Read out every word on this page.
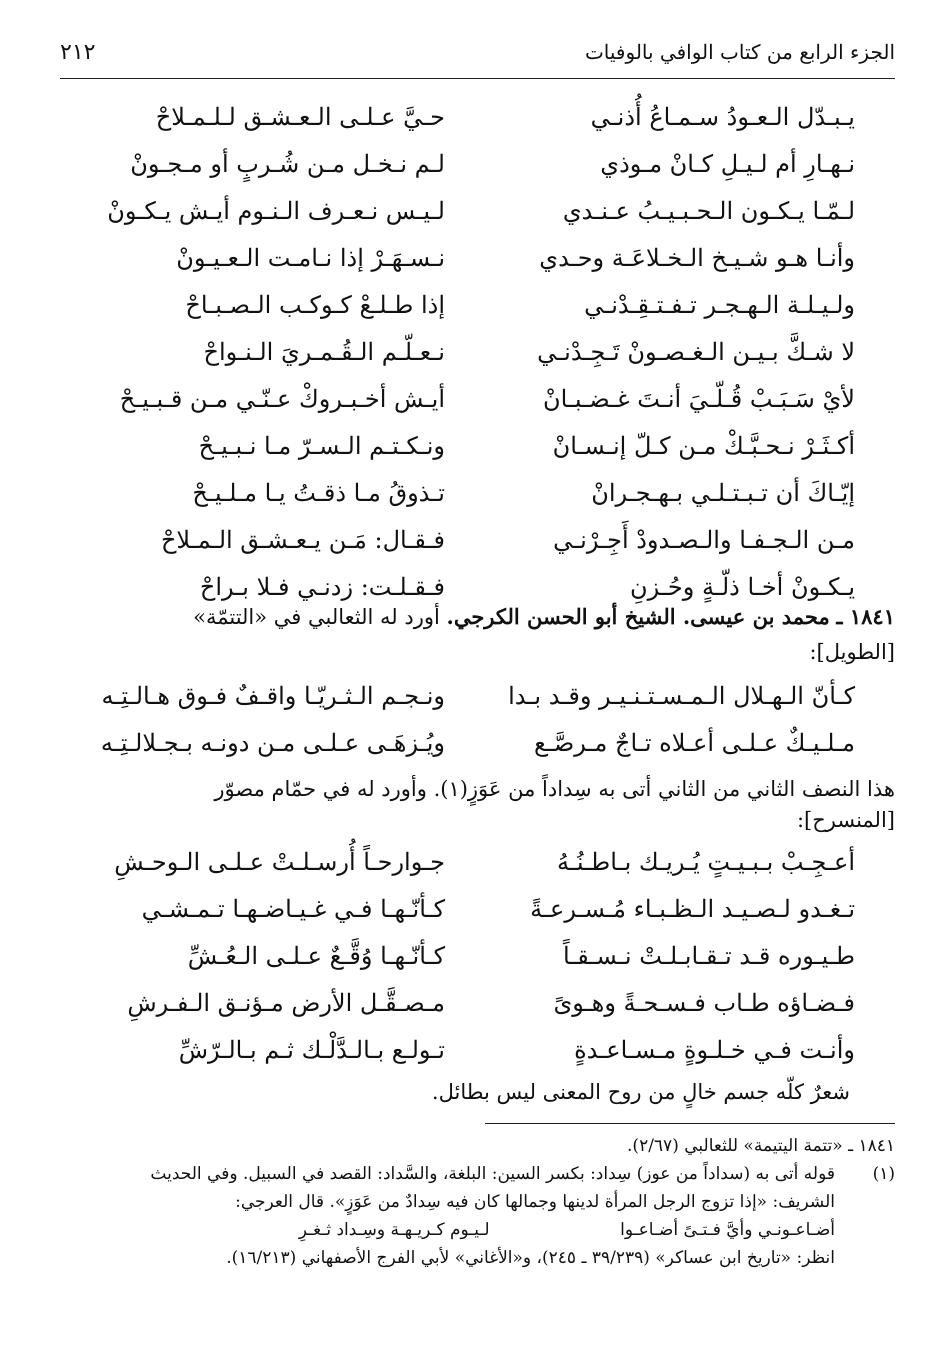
الجزء الرابع من كتاب الوافي بالوفيات
٢١٢
يـبـدّل الـعـودُ سـمـاعُ أُذنـي
حـيَّ عـلـى الـعـشـق لـلـمـلاحْ
نـهـارِ أم لـيـلِ كـانْ مـوذي
لـم نـخـل مـن شُـربٍ أو مـجـونْ
لـمّـا يـكـون الـحـبـيـبُ عـنـدي
لـيـس نـعـرف الـنـوم أيـش يـكـونْ
وأنـا هـو شـيـخ الـخـلاعَـة وحـدي
نـسـهَـرْ إذا نـامـت الـعـيـونْ
ولـيـلـة الـهـجـر تـفـتـقِـدْنـي
إذا طـلـعْ كـوكـب الـصـبـاحْ
لا شـكَّ بـيـن الـغـصـونْ تَـجِـدْنـي
نـعـلّـم الـقُـمـريَ الـنـواحْ
لأيْ سَـبَـبْ قُـلّـيَ أنـتَ غـضـبـانْ
أيـش أخـبـروكْ عـنّـي مـن قـبـيـحْ
أكـثَـرْ نـحـبَّـكْ مـن كـلّ إنـسـانْ
ونـكـتـم الـسـرّ مـا نـبـيـحْ
إيّـاكَ أن تـبـتـلـي بـهـجـرانْ
تـذوقُ مـا ذقـتُ يـا مـلـيـحْ
مـن الـجـفـا والـصـدودْ أَجِـرْنـي
فـقـال: مَـن يـعـشـق الـمـلاحْ
يـكـونْ أخـا ذلّـةٍ وحُـزنِ
فـقـلـت: زدنـي فـلا بـراحْ
١٨٤١ ـ محمد بن عيسى. الشيخ أبو الحسن الكرجي. أورد له الثعالبي في «التتمّة»
[الطويل]:
كـأنّ الـهـلال الـمـسـتـنـيـر وقـد بـدا
ونـجـم الـثـريّـا واقـفٌ فـوق هـالـتِـه
مـلـيـكٌ عـلـى أعـلاه تـاجٌ مـرصَّـع
ويُـزهَـى عـلـى مـن دونـه بـجـلالـتِـه
هذا النصف الثاني من الثاني أتى به سِداداً من عَوَزٍ(١). وأورد له في حمّام مصوّر
[المنسرح]:
أعـجِـبْ بـبـيـتٍ يُـريـك بـاطـنُـهُ
جـوارحـاً أُرسـلـتْ عـلـى الـوحـشِ
تـغـدو لـصـيـد الـظـبـاء مُـسـرعـةً
كـأنّـهـا فـي غـيـاضـهـا تـمـشـي
طـيـوره قـد تـقـابـلـتْ نـسـقـاً
كـأنّـهـا وُقَّـعٌ عـلـى الـعُـشِّ
فـضـاؤه طـاب فـسـحـةً وهـوىً
مـصـقَّـل الأرض مـؤنـق الـفـرشِ
وأنـت فـي خـلـوةٍ مـسـاعـدةٍ
تـولـع بـالـدَّلْـك ثـم بـالـرّشِّ
شعرٌ كلّه جسم خالٍ من روح المعنى ليس بطائل.
١٨٤١ ـ «تتمة اليتيمة» للثعالبي (٢/٦٧).
(١)
قوله أتى به (سداداً من عوز) سِداد: بكسر السين: البلغة، والسَّداد: القصد في السبيل. وفي الحديث
الشريف: «إذا تزوج الرجل المرأة لدينها وجمالها كان فيه سِدادٌ من عَوَزٍ». قال العرجي:
أضـاعـونـي وأيَّ فـتـىً أضـاعـوا لـيـوم كـريـهـة وسِـداد ثـغـرِ
انظر: «تاريخ ابن عساكر» (٣٩/٢٣٩ ـ ٢٤٥)، و«الأغاني» لأبي الفرج الأصفهاني (١٦/٢١٣).
